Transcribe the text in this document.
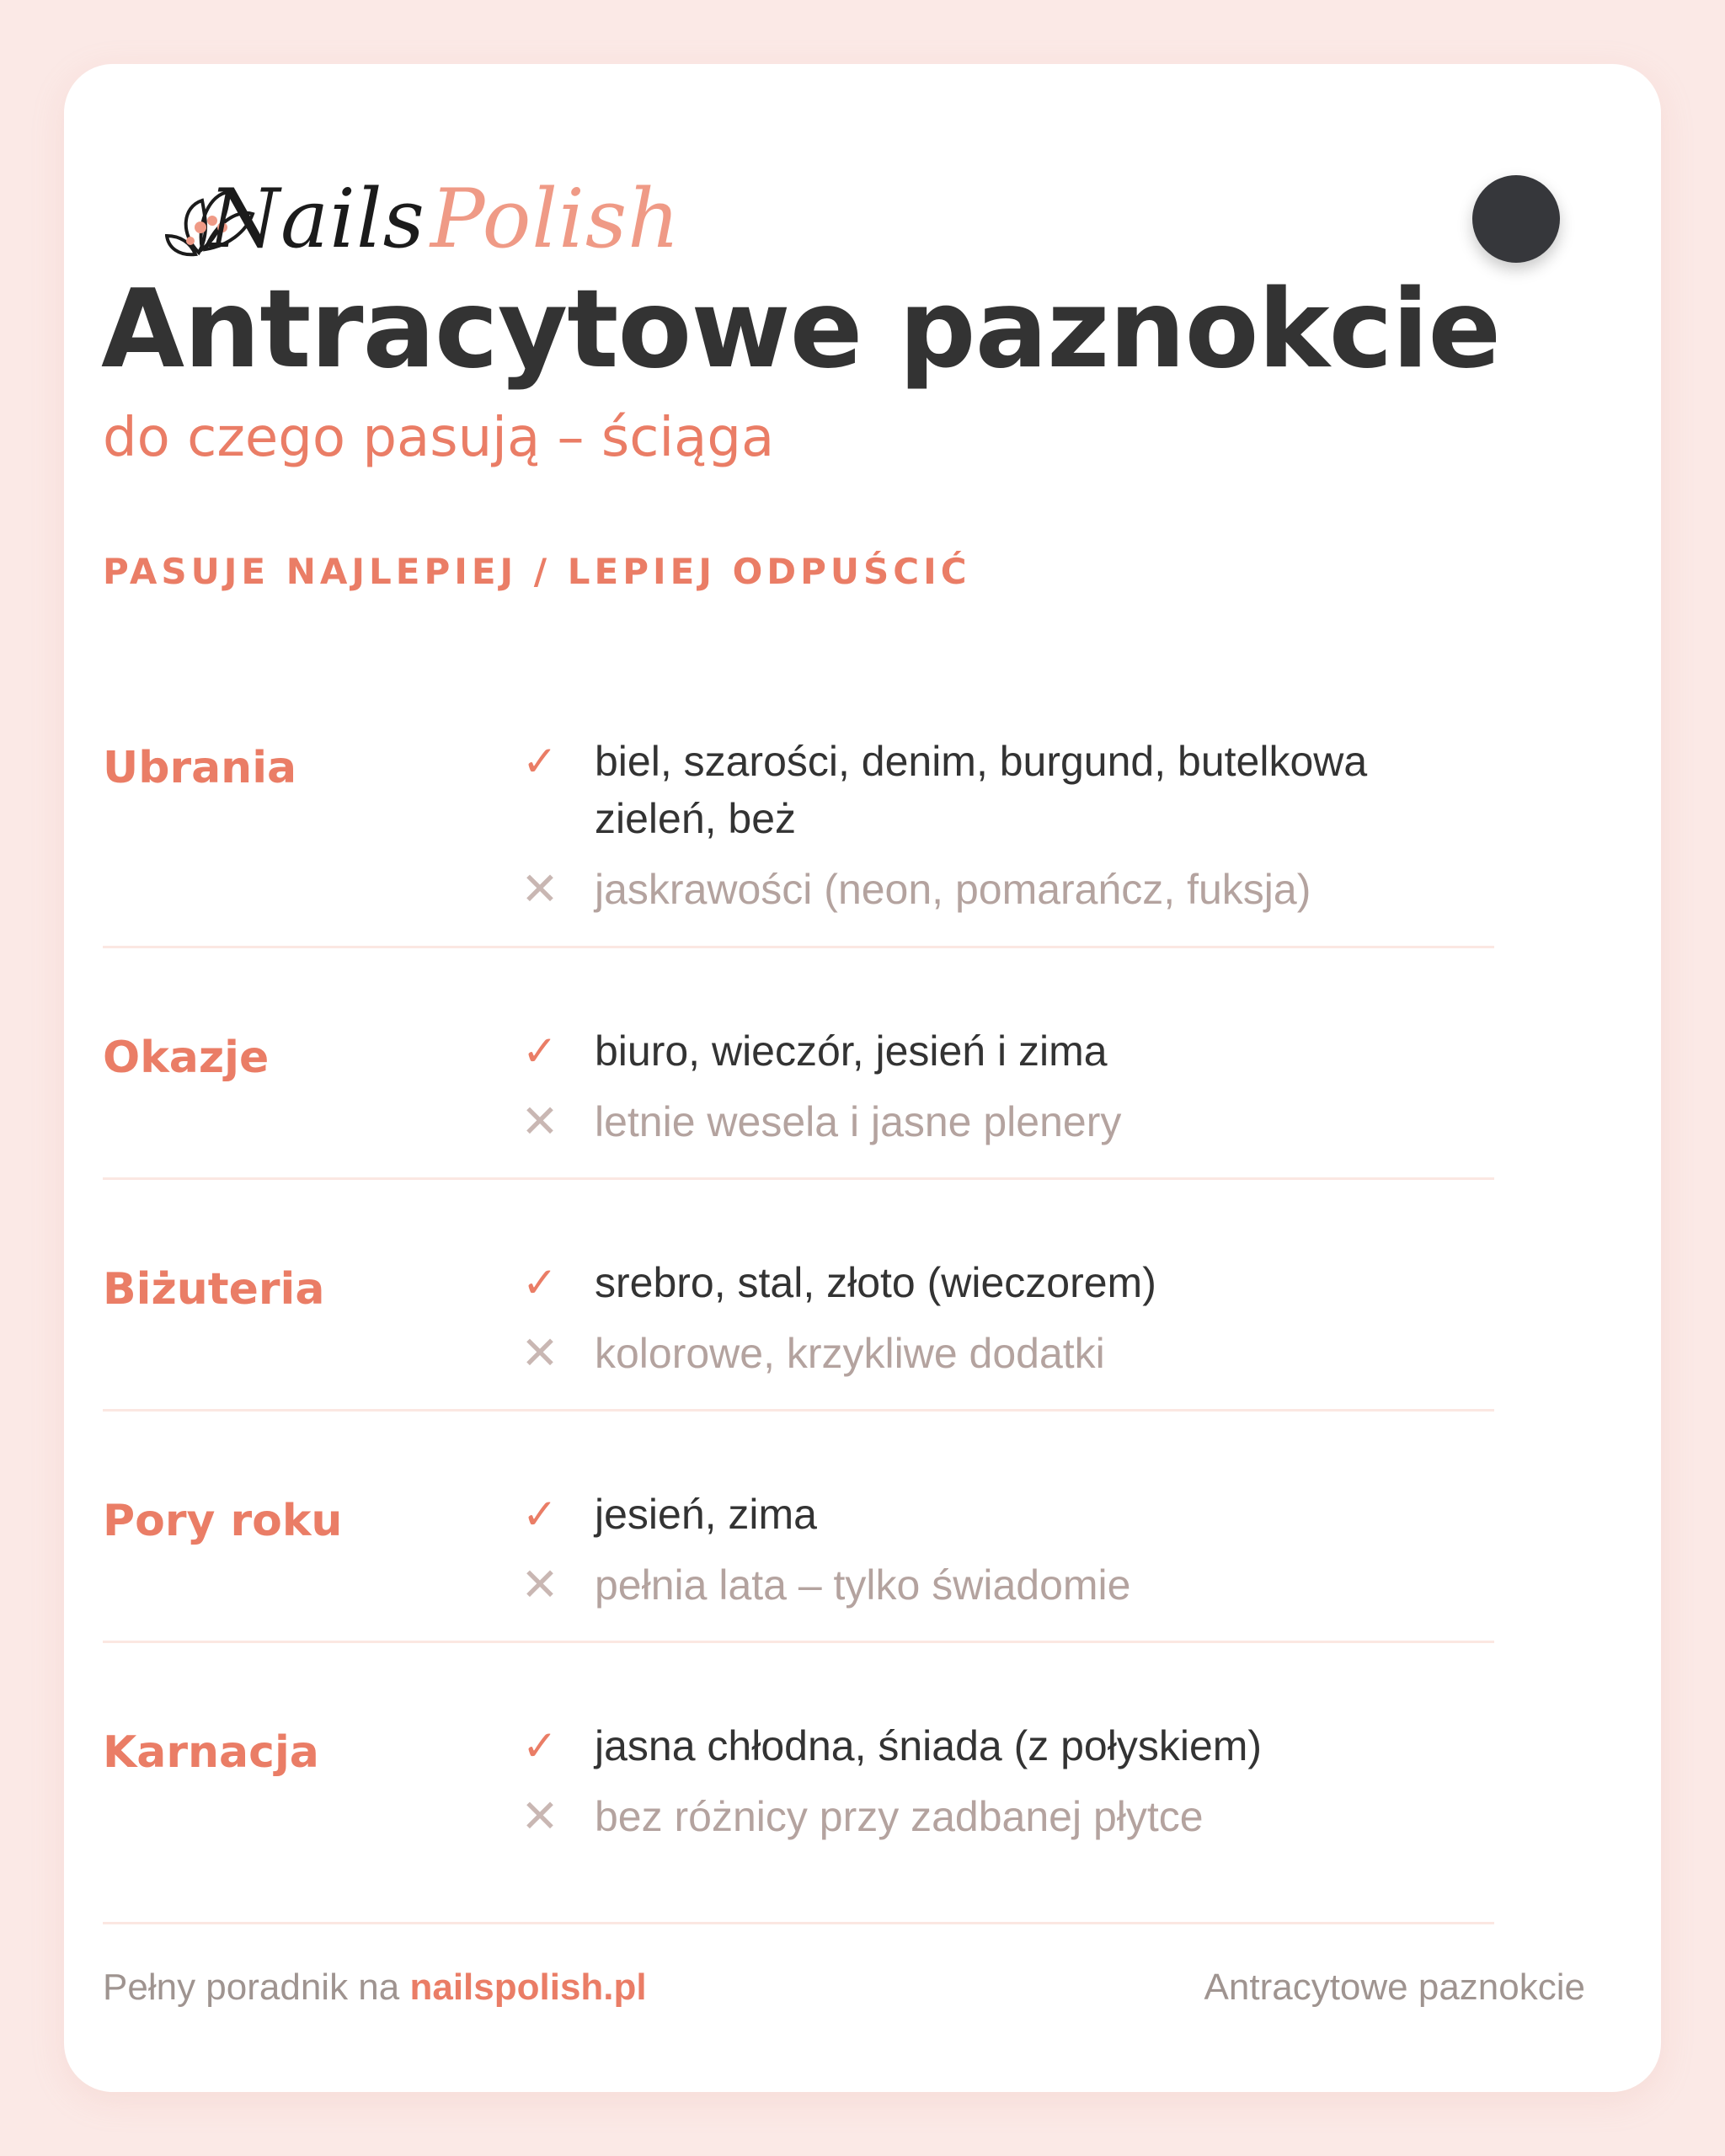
NailsPolish
Antracytowe paznokcie
do czego pasują – ściąga
PASUJE NAJLEPIEJ / LEPIEJ ODPUŚCIĆ
Ubrania	✓ biel, szarości, denim, burgund, butelkowa
zieleń, beż
✕ jaskrawości (neon, pomarańcz, fuksja)
Okazje	✓ biuro, wieczór, jesień i zima
✕ letnie wesela i jasne plenery
Biżuteria	✓ srebro, stal, złoto (wieczorem)
✕ kolorowe, krzykliwe dodatki
Pory roku	✓ jesień, zima
✕ pełnia lata – tylko świadomie
Karnacja	✓ jasna chłodna, śniada (z połyskiem)
✕ bez różnicy przy zadbanej płytce
Pełny poradnik na nailspolish.pl	Antracytowe paznokcie
